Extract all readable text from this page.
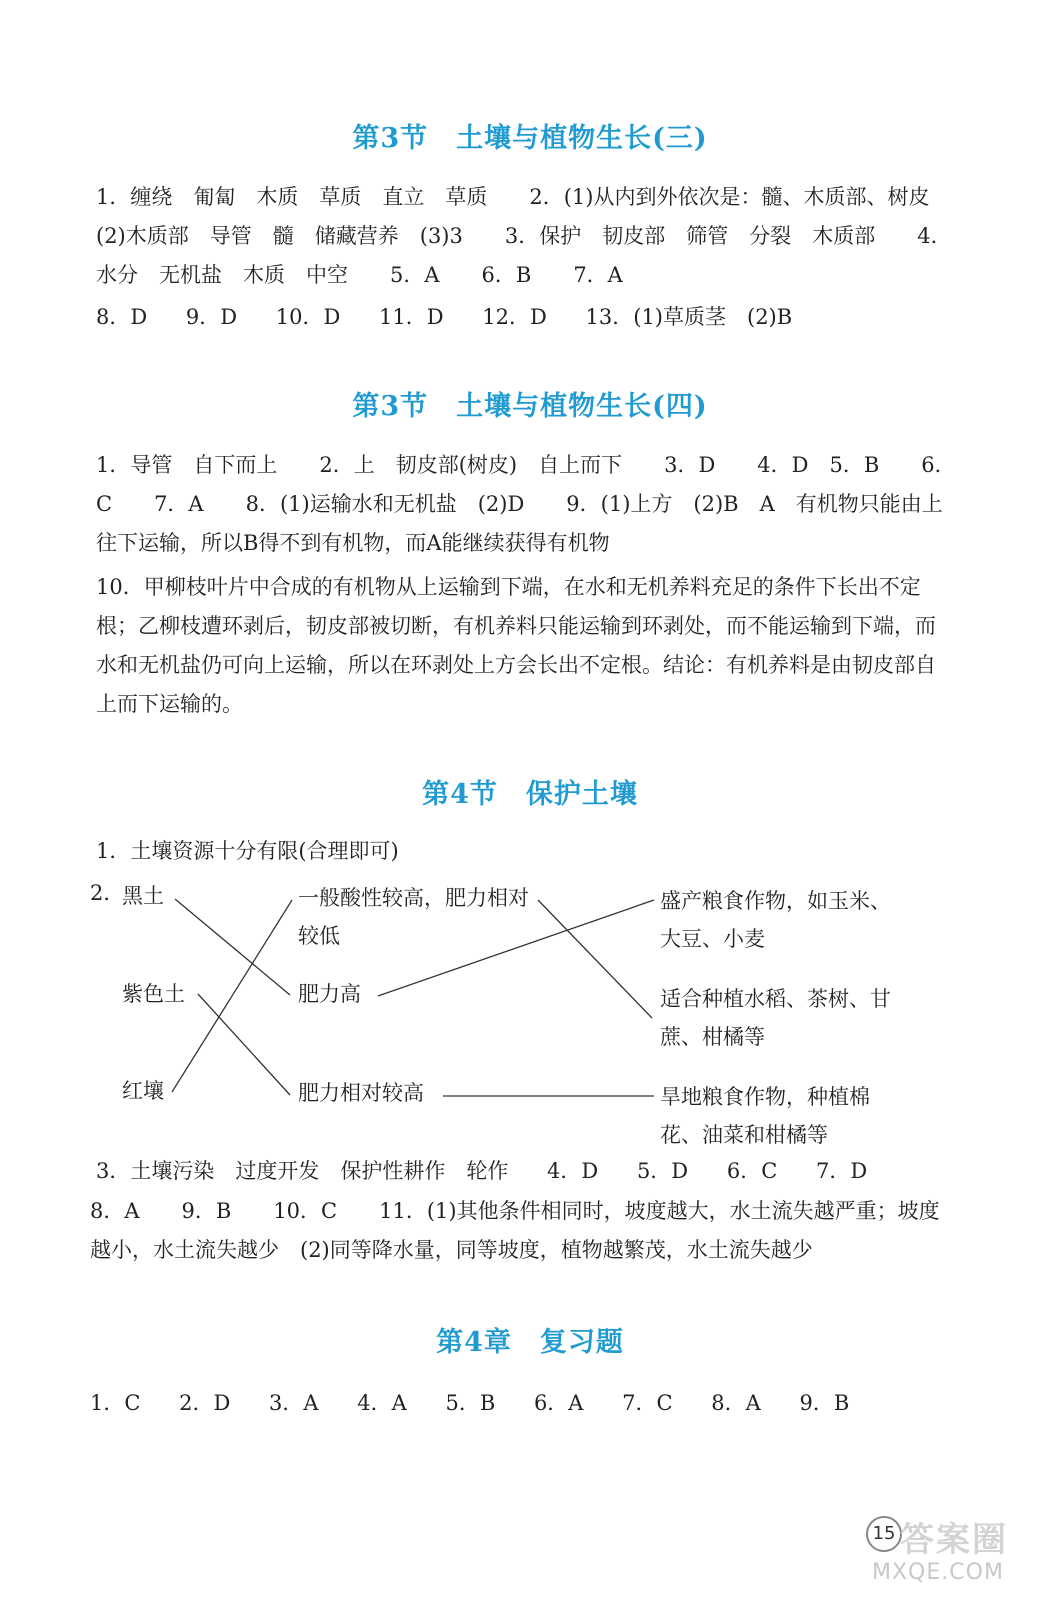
第3节　土壤与植物生长(三)

1．缠绕　匍匐　木质　草质　直立　草质　　2．(1)从内到外依次是：髓、木质部、树皮　(2)木质部　导管　髓　储藏营养　(3)3　　3．保护　韧皮部　筛管　分裂　木质部　　4．水分　无机盐　木质　中空　　5．A　　6．B　　7．A

8．D 9．D 10．D 11．D 12．D 13．(1)草质茎　(2)B
第3节　土壤与植物生长(四)

1．导管　自下而上　　2．上　韧皮部(树皮)　自上而下　　3．D　　4．D　5．B　　6．C　　7．A　　8．(1)运输水和无机盐　(2)D　　9．(1)上方　(2)B　A　有机物只能由上往下运输，所以B得不到有机物，而A能继续获得有机物

10．甲柳枝叶片中合成的有机物从上运输到下端，在水和无机养料充足的条件下长出不定根；乙柳枝遭环剥后，韧皮部被切断，有机养料只能运输到环剥处，而不能运输到下端，而水和无机盐仍可向上运输，所以在环剥处上方会长出不定根。结论：有机养料是由韧皮部自上而下运输的。

第4节　保护土壤
1．土壤资源十分有限(合理即可)
2．
黑土
紫色土
红壤

一般酸性较高，肥力相对较低

肥力高
肥力相对较高

盛产粮食作物，如玉米、大豆、小麦

适合种植水稻、茶树、甘蔗、柑橘等

旱地粮食作物，种植棉花、油菜和柑橘等

3．土壤污染　过度开发　保护性耕作　轮作 4．D 5．D 6．C 7．D

8．A　　9．B　　10．C　　11．(1)其他条件相同时，坡度越大，水土流失越严重；坡度越小，水土流失越少　(2)同等降水量，同等坡度，植物越繁茂，水土流失越少

第4章　复习题
1．C 2．D 3．A 4．A 5．B 6．A 7．C 8．A 9．B
15 答案圈
MXQE.COM
